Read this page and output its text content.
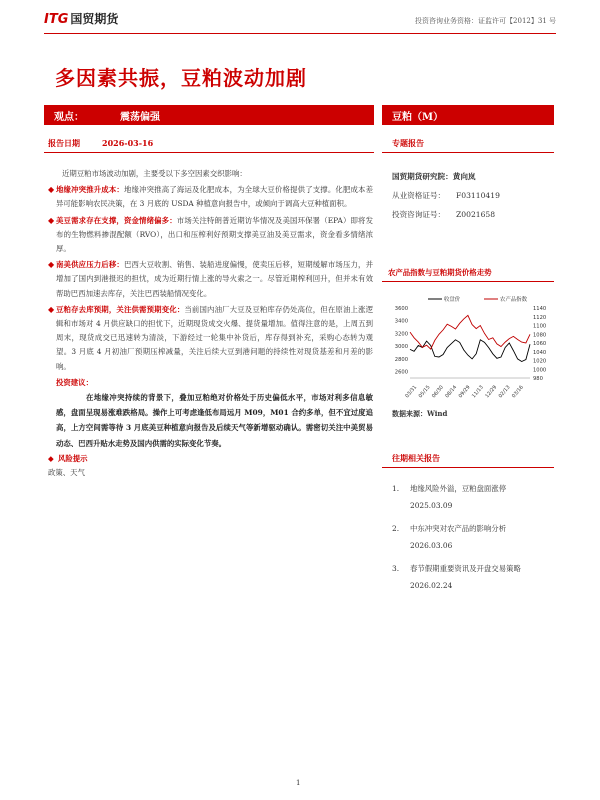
ITG 国贸期货	投资咨询业务资格：证监许可【2012】31 号
多因素共振，豆粕波动加剧
观点：	震荡偏强	豆粕（M）
报告日期	2026-03-16	专题报告

近期豆粕市场波动加剧，主要受以下多空因素交织影响：

◆ 地缘冲突推升成本：地缘冲突推高了海运及化肥成本，为全球大豆价格提供了支撑。化肥成本差异可能影响农民决策，在 3 月底的 USDA 种植意向报告中，或倾向于调高大豆种植面积。
◆ 美豆需求存在支撑，资金情绪偏多：市场关注特朗普近期访华情况及美国环保署（EPA）即将发布的生物燃料掺混配额（RVO），出口和压榨利好预期支撑美豆油及美豆需求，资金看多情绪浓厚。
◆ 南美供应压力后移：巴西大豆收割、销售、装船进度偏慢，使卖压后移，短期缓解市场压力，并增加了国内到港报迟的担忧，成为近期行情上涨的导火索之一。尽管近期榨利回升，但并未有效帮助巴西加速去库存，关注巴西装船情况变化。
◆ 豆粕存去库预期，关注供需预期变化：当前国内油厂大豆及豆粕库存仍处高位，但在原油上涨逻辑和市场对 4 月供应缺口的担忧下，近期现货成交火爆、提货量增加。值得注意的是，上周五到周末，现货成交已迅速转为清淡，下游经过一轮集中补货后，库存得到补充，采购心态转为观望。3 月底 4 月初油厂预期压榨减量，关注后续大豆到港问题的持续性对现货基差和月差的影响。
投资建议：

在地缘冲突持续的背景下，叠加豆粕绝对价格处于历史偏低水平，市场对利多信息敏感，盘面呈现易涨难跌格局。操作上可考虑逢低布局远月 M09，M01 合约多单，但不宜过度追高，上方空间需等待 3 月底美豆种植意向报告及后续天气等新增驱动确认。需密切关注中美贸易动态、巴西升贴水走势及国内供需的实际变化节奏。

◆ 风险提示
政策、天气
国贸期货研究院：黄向岚
从业资格证号： F03110419
投资咨询证号： Z0021658
农产品指数与豆粕期货价格走势
2600
2800
3000
3200
3400
3600
980
1000
1020
1040
1060
1080
1100
1120
1140
03/31 05/15 06/30 08/14 09/29 11/13 12/29 02/13 03/16
收盘价	农产品指数
数据来源：Wind
往期相关报告
1. 地缘风险外溢，豆粕盘面涨停
2025.03.09
2. 中东冲突对农产品的影响分析
2026.03.06
3. 春节假期重要资讯及开盘交易策略
2026.02.24
1
